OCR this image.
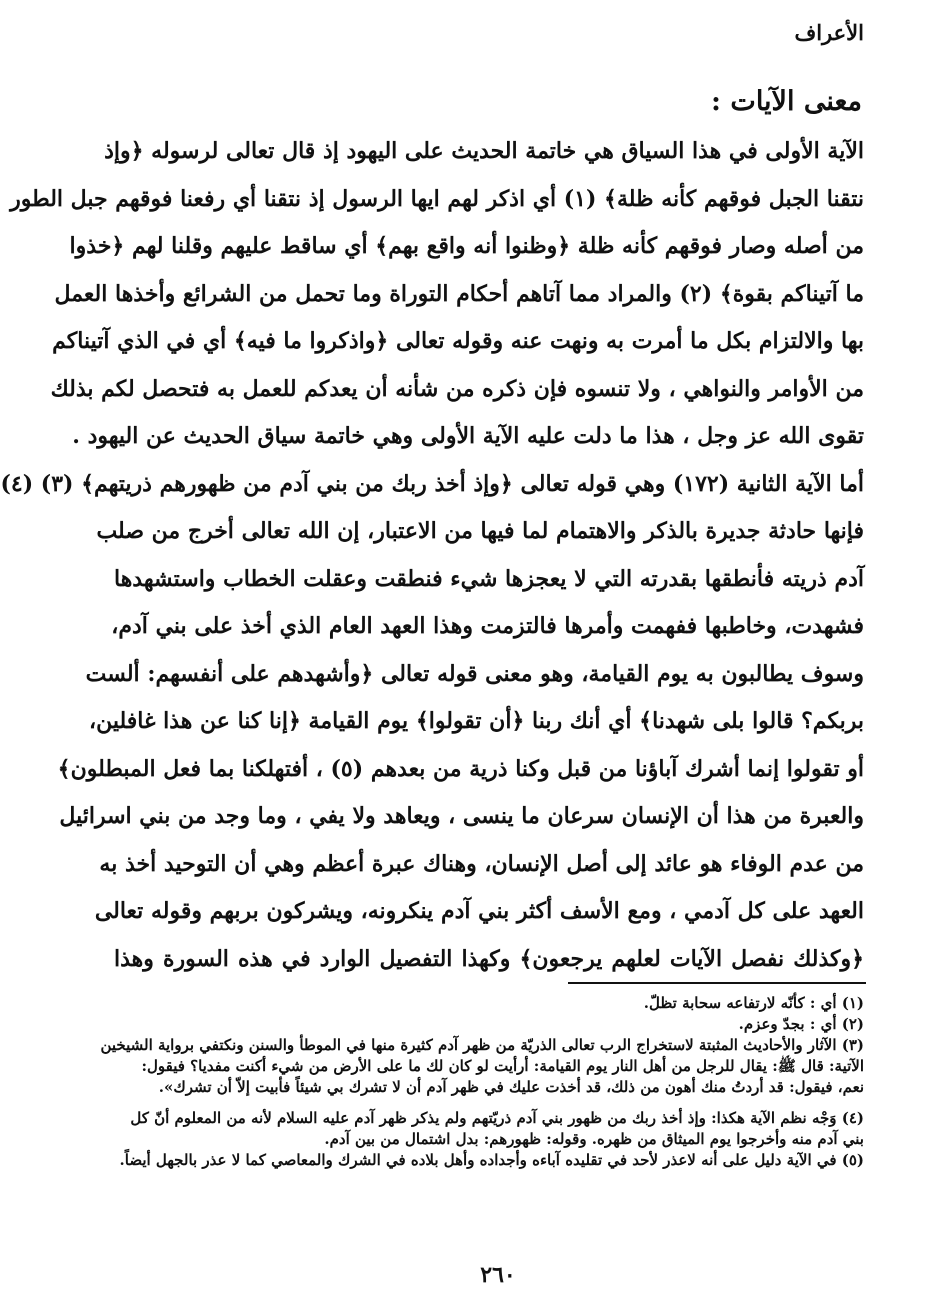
الأعراف
معنى الآيات :
الآية الأولى في هذا السياق هي خاتمة الحديث على اليهود إذ قال تعالى لرسوله ﴿وإذ
نتقنا الجبل فوقهم كأنه ظلة﴾ (١) أي اذكر لهم ايها الرسول إذ نتقنا أي رفعنا فوقهم جبل الطور
من أصله وصار فوقهم كأنه ظلة ﴿وظنوا أنه واقع بهم﴾ أي ساقط عليهم وقلنا لهم ﴿خذوا
ما آتيناكم بقوة﴾ (٢) والمراد مما آتاهم أحكام التوراة وما تحمل من الشرائع وأخذها العمل
بها والالتزام بكل ما أمرت به ونهت عنه وقوله تعالى ﴿واذكروا ما فيه﴾ أي في الذي آتيناكم
من الأوامر والنواهي ، ولا تنسوه فإن ذكره من شأنه أن يعدكم للعمل به فتحصل لكم بذلك
تقوى الله عز وجل ، هذا ما دلت عليه الآية الأولى وهي خاتمة سياق الحديث عن اليهود .
أما الآية الثانية (١٧٢) وهي قوله تعالى ﴿وإذ أخذ ربك من بني آدم من ظهورهم ذريتهم﴾ (٣) (٤)
فإنها حادثة جديرة بالذكر والاهتمام لما فيها من الاعتبار، إن الله تعالى أخرج من صلب
آدم ذريته فأنطقها بقدرته التي لا يعجزها شيء فنطقت وعقلت الخطاب واستشهدها
فشهدت، وخاطبها ففهمت وأمرها فالتزمت وهذا العهد العام الذي أخذ على بني آدم،
وسوف يطالبون به يوم القيامة، وهو معنى قوله تعالى ﴿وأشهدهم على أنفسهم: ألست
بربكم؟ قالوا بلى شهدنا﴾ أي أنك ربنا ﴿أن تقولوا﴾ يوم القيامة ﴿إنا كنا عن هذا غافلين،
أو تقولوا إنما أشرك آباؤنا من قبل وكنا ذرية من بعدهم (٥) ، أفتهلكنا بما فعل المبطلون﴾
والعبرة من هذا أن الإنسان سرعان ما ينسى ، ويعاهد ولا يفي ، وما وجد من بني اسرائيل
من عدم الوفاء هو عائد إلى أصل الإنسان، وهناك عبرة أعظم وهي أن التوحيد أخذ به
العهد على كل آدمي ، ومع الأسف أكثر بني آدم ينكرونه، ويشركون بربهم وقوله تعالى
﴿وكذلك نفصل الآيات لعلهم يرجعون﴾ وكهذا التفصيل الوارد في هذه السورة وهذا
(١) أي : كأنّه لارتفاعه سحابة تظلّ.
(٢) أي : بجدّ وعزم.
(٣) الآثار والأحاديث المثبتة لاستخراج الرب تعالى الذريّة من ظهر آدم كثيرة منها في الموطأ والسنن ونكتفي برواية الشيخين
الآتية: قال ﷺ: يقال للرجل من أهل النار يوم القيامة: أرأيت لو كان لك ما على الأرض من شيء أكنت مفديا؟ فيقول:
نعم، فيقول: قد أردتُ منك أهون من ذلك، قد أخذت عليك في ظهر آدم أن لا تشرك بي شيئاً فأبيت إلاّ أن تشرك».
(٤) وَجْه نظم الآية هكذا: وإذ أخذ ربك من ظهور بني آدم ذريّتهم ولم يذكر ظهر آدم عليه السلام لأنه من المعلوم أنّ كل
بني آدم منه وأخرجوا يوم الميثاق من ظهره. وقوله: ظهورهم: بدل اشتمال من بين آدم.
(٥) في الآية دليل على أنه لاعذر لأحد في تقليده آباءه وأجداده وأهل بلاده في الشرك والمعاصي كما لا عذر بالجهل أيضاً.
٢٦٠
